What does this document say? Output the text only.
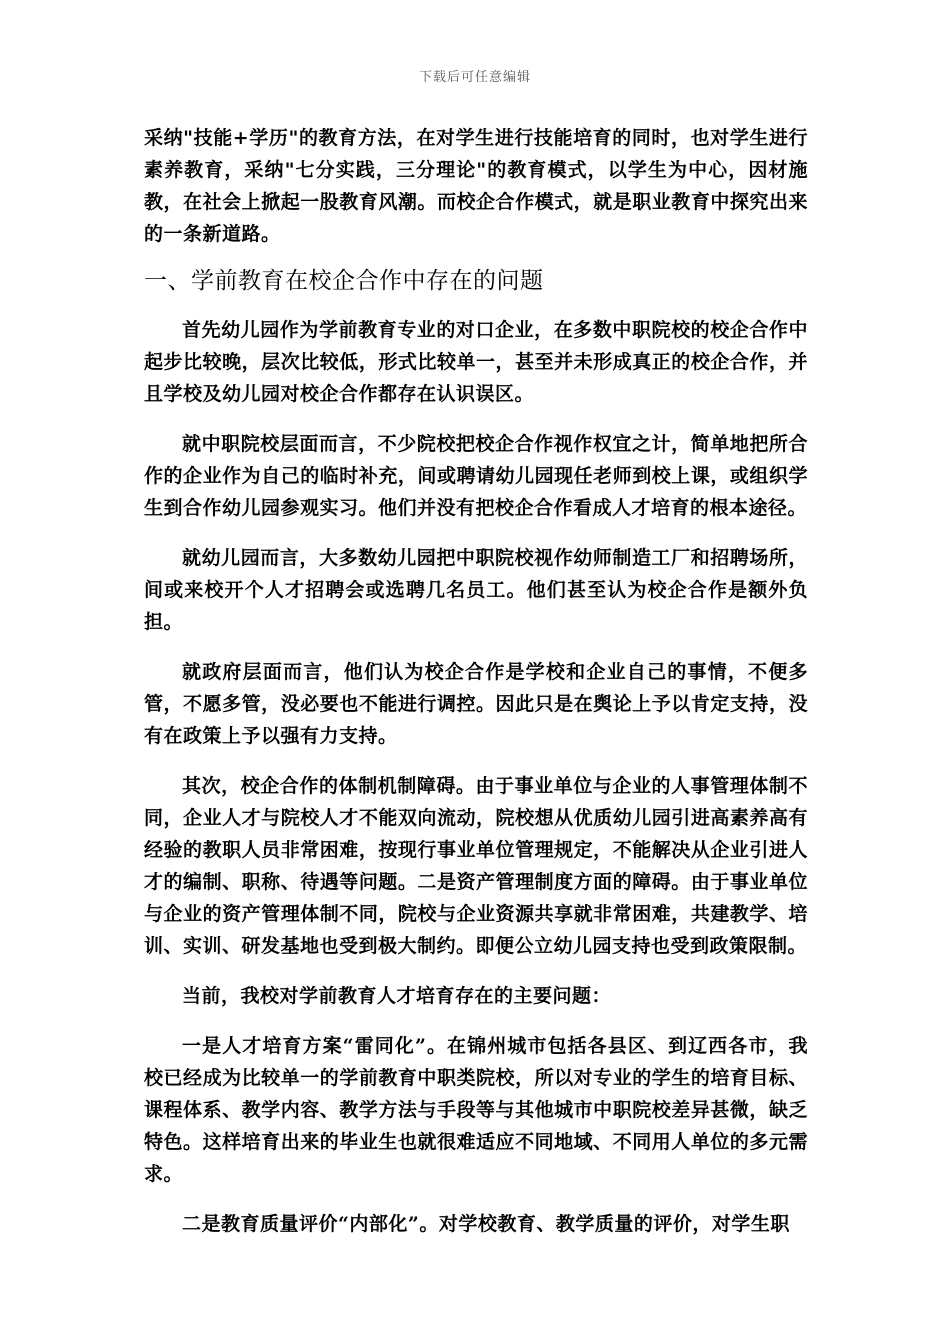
下载后可任意编辑

采纳"技能+学历"的教育方法，在对学生进行技能培育的同时，也对学生进行素养教育，采纳"七分实践，三分理论"的教育模式，以学生为中心，因材施教，在社会上掀起一股教育风潮。而校企合作模式，就是职业教育中探究出来的一条新道路。

一、学前教育在校企合作中存在的问题

首先幼儿园作为学前教育专业的对口企业，在多数中职院校的校企合作中起步比较晚，层次比较低，形式比较单一，甚至并未形成真正的校企合作，并且学校及幼儿园对校企合作都存在认识误区。

就中职院校层面而言，不少院校把校企合作视作权宜之计，简单地把所合作的企业作为自己的临时补充，间或聘请幼儿园现任老师到校上课，或组织学生到合作幼儿园参观实习。他们并没有把校企合作看成人才培育的根本途径。

就幼儿园而言，大多数幼儿园把中职院校视作幼师制造工厂和招聘场所，间或来校开个人才招聘会或选聘几名员工。他们甚至认为校企合作是额外负担。

就政府层面而言，他们认为校企合作是学校和企业自己的事情，不便多管，不愿多管，没必要也不能进行调控。因此只是在舆论上予以肯定支持，没有在政策上予以强有力支持。

其次，校企合作的体制机制障碍。由于事业单位与企业的人事管理体制不同，企业人才与院校人才不能双向流动，院校想从优质幼儿园引进高素养高有经验的教职人员非常困难，按现行事业单位管理规定，不能解决从企业引进人才的编制、职称、待遇等问题。二是资产管理制度方面的障碍。由于事业单位与企业的资产管理体制不同，院校与企业资源共享就非常困难，共建教学、培训、实训、研发基地也受到极大制约。即便公立幼儿园支持也受到政策限制。

当前，我校对学前教育人才培育存在的主要问题：

一是人才培育方案“雷同化”。在锦州城市包括各县区、到辽西各市，我校已经成为比较单一的学前教育中职类院校，所以对专业的学生的培育目标、课程体系、教学内容、教学方法与手段等与其他城市中职院校差异甚微，缺乏特色。这样培育出来的毕业生也就很难适应不同地域、不同用人单位的多元需求。

二是教育质量评价“内部化”。对学校教育、教学质量的评价，对学生职
